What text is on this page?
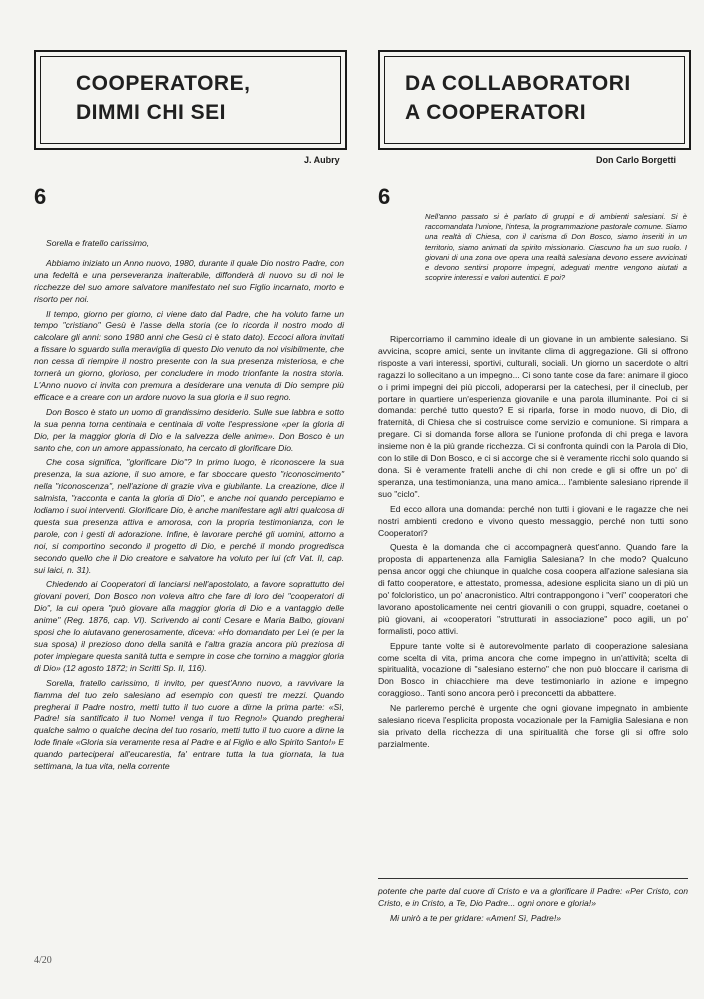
COOPERATORE,
DIMMI CHI SEI
J. Aubry
6

Sorella e fratello carissimo,

Abbiamo iniziato un Anno nuovo, 1980, durante il quale Dio nostro Padre, con una fedeltà e una perseveranza inalterabile, diffonderà di nuovo su di noi le ricchezze del suo amore salvatore manifestato nel suo Figlio incarnato, morto e risorto per noi.

Il tempo, giorno per giorno, ci viene dato dal Padre, che ha voluto farne un tempo "cristiano" Gesù è l'asse della storia (ce lo ricorda il nostro modo di calcolare gli anni: sono 1980 anni che Gesù ci è stato dato). Eccoci allora invitati a fissare lo sguardo sulla meraviglia di questo Dio venuto da noi visibilmente, che non cessa di riempire il nostro presente con la sua presenza misteriosa, e che tornerà un giorno, glorioso, per concludere in modo trionfante la nostra storia. L'Anno nuovo ci invita con premura a desiderare una venuta di Dio sempre più efficace e a creare con un ardore nuovo la sua gloria e il suo regno.

Don Bosco è stato un uomo di grandissimo desiderio. Sulle sue labbra e sotto la sua penna torna centinaia e centinaia di volte l'espressione «per la gloria di Dio, per la maggior gloria di Dio e la salvezza delle anime». Don Bosco è un santo che, con un amore appassionato, ha cercato di glorificare Dio.

Che cosa significa, "glorificare Dio"? In primo luogo, è riconoscere la sua presenza, la sua azione, il suo amore, e far sboccare questo "riconoscimento" nella "riconoscenza", nell'azione di grazie viva e giubilante. La creazione, dice il salmista, "racconta e canta la gloria di Dio", e anche noi quando percepiamo e lodiamo i suoi interventi. Glorificare Dio, è anche manifestare agli altri qualcosa di questa sua presenza attiva e amorosa, con la propria testimonianza, con le parole, con i gesti di adorazione. Infine, è lavorare perché gli uomini, attorno a noi, si comportino secondo il progetto di Dio, e perché il mondo progredisca secondo quello che il Dio creatore e salvatore ha voluto per lui (cfr Vat. II, cap. sui laici, n. 31).

Chiedendo ai Cooperatori di lanciarsi nell'apostolato, a favore soprattutto dei giovani poveri, Don Bosco non voleva altro che fare di loro dei "cooperatori di Dio", la cui opera "può giovare alla maggior gloria di Dio e a vantaggio delle anime" (Reg. 1876, cap. VI). Scrivendo ai conti Cesare e Maria Balbo, giovani sposi che lo aiutavano generosamente, diceva: «Ho domandato per Lei (e per la sua sposa) il prezioso dono della sanità e l'altra grazia ancora più preziosa di poter impiegare questa sanità tutta e sempre in cose che tornino a maggior gloria di Dio» (12 agosto 1872; in Scritti Sp. II, 116).

Sorella, fratello carissimo, ti invito, per quest'Anno nuovo, a ravvivare la fiamma del tuo zelo salesiano ad esempio con questi tre mezzi. Quando pregherai il Padre nostro, metti tutto il tuo cuore a dirne la prima parte: «Sì, Padre! sia santificato il tuo Nome! venga il tuo Regno!» Quando pregherai qualche salmo o qualche decina del tuo rosario, metti tutto il tuo cuore a dirne la lode finale «Gloria sia veramente resa al Padre e al Figlio e allo Spirito Santo!» E quando parteciperai all'eucarestia, fa' entrare tutta la tua giornata, la tua settimana, la tua vita, nella corrente

4/20
DA COLLABORATORI
A COOPERATORI
Don Carlo Borgetti
6
Nell'anno passato si è parlato di gruppi e di ambienti salesiani. Si è raccomandata l'unione, l'intesa, la programmazione pastorale comune. Siamo una realtà di Chiesa, con il carisma di Don Bosco, siamo inseriti in un territorio, siamo animati da spirito missionario. Ciascuno ha un suo ruolo. I giovani di una zona ove opera una realtà salesiana devono essere avvicinati e devono sentirsi proporre impegni, adeguati mentre vengono aiutati a scoprire interessi e valori autentici. E poi?

Ripercorriamo il cammino ideale di un giovane in un ambiente salesiano. Si avvicina, scopre amici, sente un invitante clima di aggregazione. Gli si offrono risposte a vari interessi, sportivi, culturali, sociali. Un giorno un sacerdote o altri ragazzi lo sollecitano a un impegno... Ci sono tante cose da fare: animare il gioco o i primi impegni dei più piccoli, adoperarsi per la catechesi, per il cineclub, per portare in quartiere un'esperienza giovanile e una parola illuminante. Poi ci si domanda: perché tutto questo? E si riparla, forse in modo nuovo, di Dio, di fraternità, di Chiesa che si costruisce come servizio e comunione. Si rimpara a pregare. Ci si domanda forse allora se l'unione profonda di chi prega e lavora insieme non è la più grande ricchezza. Ci si confronta quindi con la Parola di Dio, con lo stile di Don Bosco, e ci si accorge che si è veramente ricchi solo quando si dona. Si è veramente fratelli anche di chi non crede e gli si offre un po' di speranza, una testimonianza, una mano amica... l'ambiente salesiano riprende il suo "ciclo".

Ed ecco allora una domanda: perché non tutti i giovani e le ragazze che nei nostri ambienti credono e vivono questo messaggio, perché non tutti sono Cooperatori?

Questa è la domanda che ci accompagnerà quest'anno. Quando fare la proposta di appartenenza alla Famiglia Salesiana? In che modo? Qualcuno pensa ancor oggi che chiunque in qualche cosa coopera all'azione salesiana sia di fatto cooperatore, e attestato, promessa, adesione esplicita siano un di più un po' folcloristico, un po' anacronistico. Altri contrappongono i "veri" cooperatori che lavorano apostolicamente nei centri giovanili o con gruppi, squadre, coetanei o più giovani, ai «cooperatori "strutturati in associazione" poco agili, un po' formalisti, poco attivi.

Eppure tante volte si è autorevolmente parlato di cooperazione salesiana come scelta di vita, prima ancora che come impegno in un'attività; scelta di spiritualità, vocazione di "salesiano esterno" che non può bloccare il carisma di Don Bosco in chiacchiere ma deve testimoniarlo in azione e impegno coraggioso.. Tanti sono ancora però i preconcetti da abbattere.

Ne parleremo perché è urgente che ogni giovane impegnato in ambiente salesiano riceva l'esplicita proposta vocazionale per la Famiglia Salesiana e non sia privato della ricchezza di una spiritualità che forse gli si offre solo parzialmente.

potente che parte dal cuore di Cristo e va a glorificare il Padre: «Per Cristo, con Cristo, e in Cristo, a Te, Dio Padre... ogni onore e gloria!»

Mi unirò a te per gridare: «Amen! Sì, Padre!»
